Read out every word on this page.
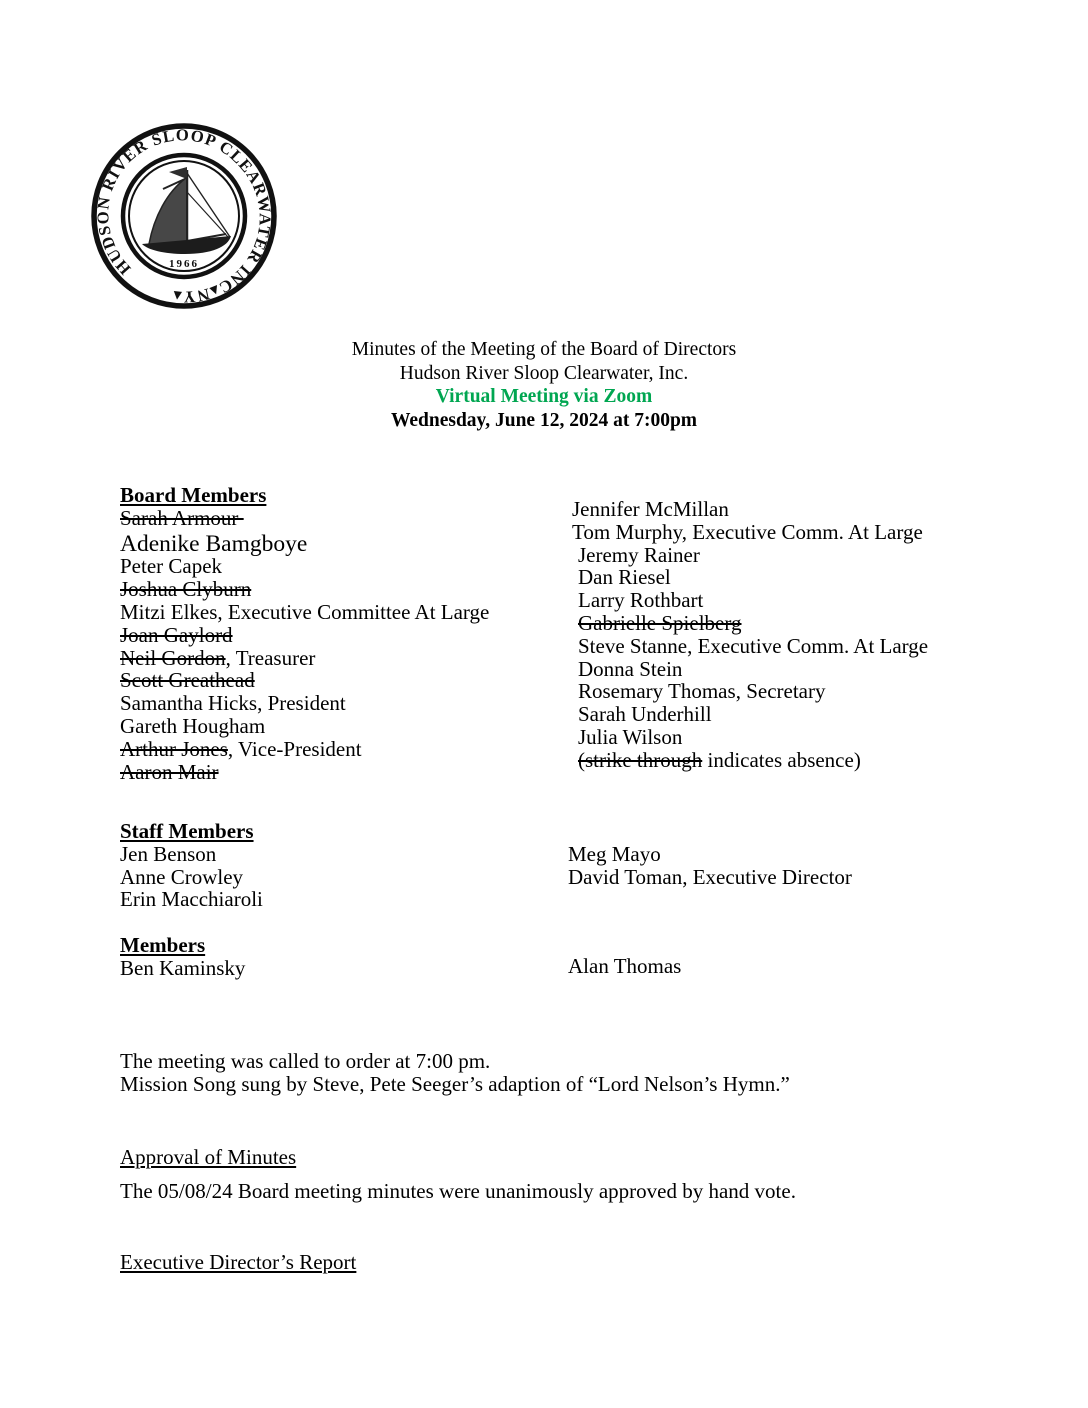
HUDSON RIVER SLOOP CLEARWATER INC▴NY▴
1966
Minutes of the Meeting of the Board of Directors
Hudson River Sloop Clearwater, Inc.
Virtual Meeting via Zoom
Wednesday, June 12, 2024 at 7:00pm
Board Members
Sarah Armour
Adenike Bamgboye
Peter Capek
Joshua Clyburn
Mitzi Elkes, Executive Committee At Large
Joan Gaylord
Neil Gordon, Treasurer
Scott Greathead
Samantha Hicks, President
Gareth Hougham
Arthur Jones, Vice-President
Aaron Mair
Jennifer McMillan
Tom Murphy, Executive Comm. At Large
Jeremy Rainer
Dan Riesel
Larry Rothbart
Gabrielle Spielberg
Steve Stanne, Executive Comm. At Large
Donna Stein
Rosemary Thomas, Secretary
Sarah Underhill
Julia Wilson
(strike through indicates absence)
Staff Members
Jen Benson
Anne Crowley
Erin Macchiaroli
Meg Mayo
David Toman, Executive Director
Members
Ben Kaminsky	Alan Thomas
The meeting was called to order at 7:00 pm.
Mission Song sung by Steve, Pete Seeger’s adaption of “Lord Nelson’s Hymn.”
Approval of Minutes
The 05/08/24 Board meeting minutes were unanimously approved by hand vote.
Executive Director’s Report
